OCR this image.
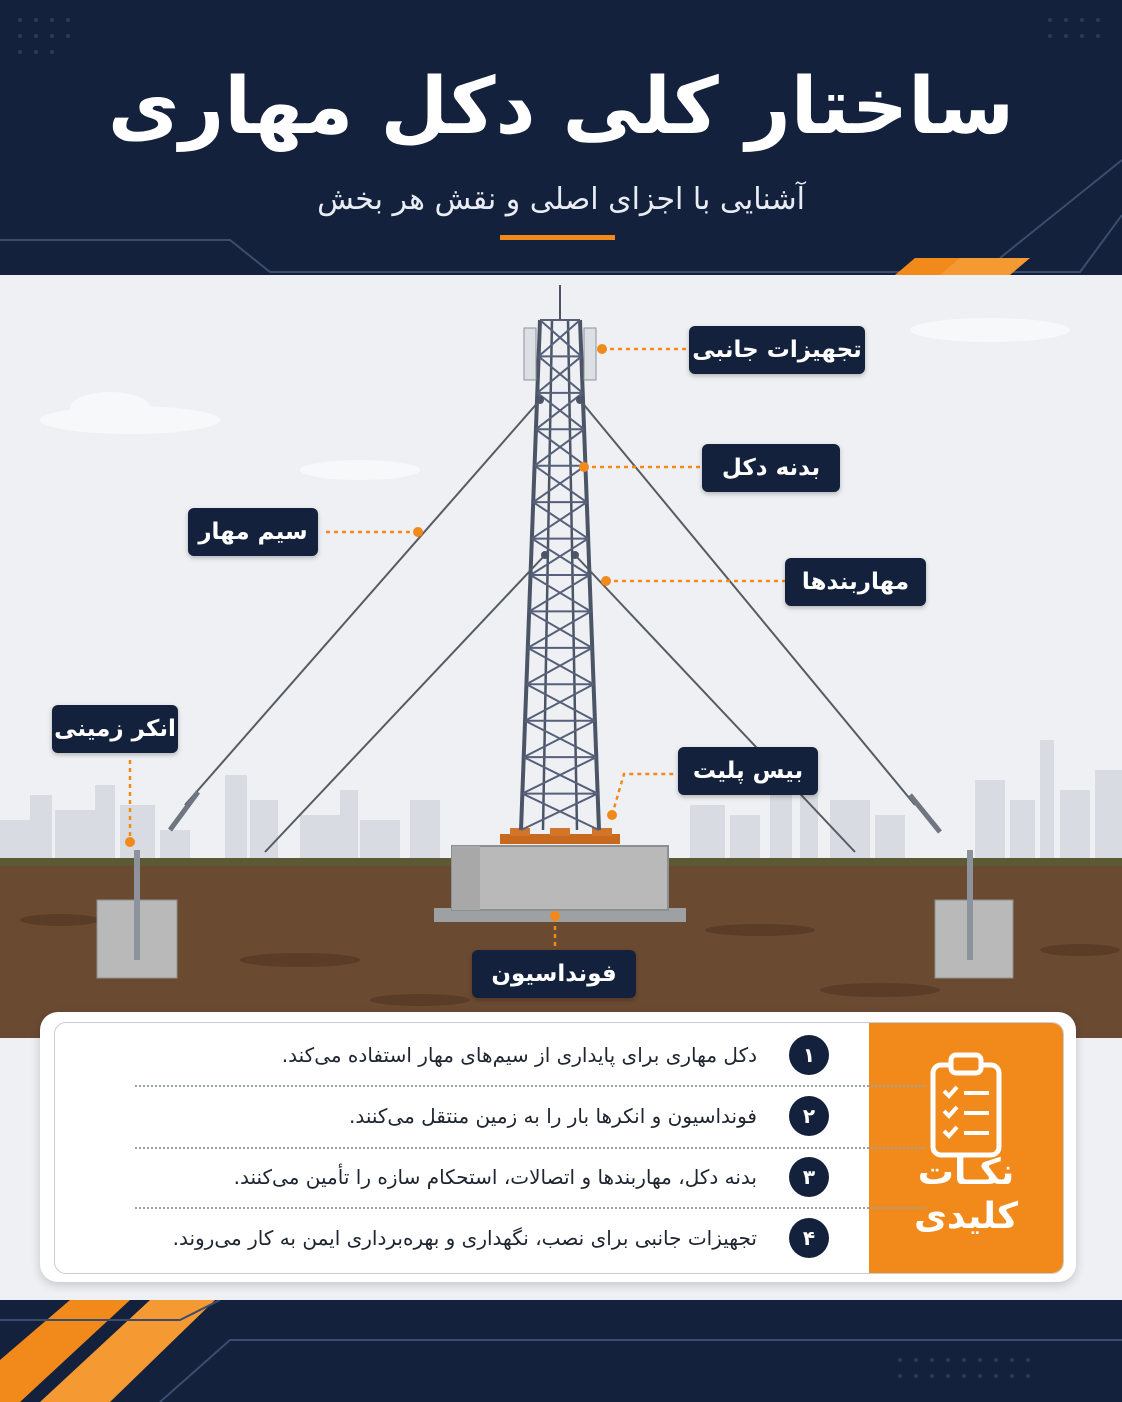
ساختار کلی دکل مهاری
آشنایی با اجزای اصلی و نقش هر بخش
تجهیزات جانبی
بدنه دکل
سیم مهار
مهاربندها
انکر زمینی
بیس پلیت
فونداسیون
نکـات
کلیدی
۱
دکل مهاری برای پایداری از سیم‌های مهار استفاده می‌کند.
۲
فونداسیون و انکرها بار را به زمین منتقل می‌کنند.
۳
بدنه دکل، مهاربندها و اتصالات، استحکام سازه را تأمین می‌کنند.
۴
تجهیزات جانبی برای نصب، نگهداری و بهره‌برداری ایمن به کار می‌روند.
